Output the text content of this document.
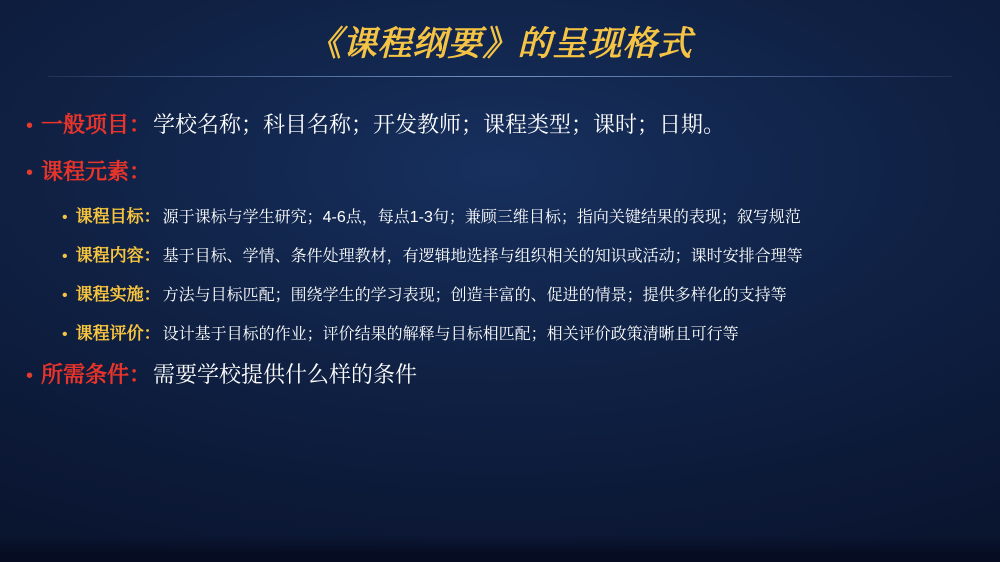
《课程纲要》的呈现格式
• 一般项目： 学校名称；科目名称；开发教师；课程类型；课时；日期。
• 课程元素：
• 课程目标： 源于课标与学生研究；4-6点，每点1-3句；兼顾三维目标；指向关键结果的表现；叙写规范
• 课程内容： 基于目标、学情、条件处理教材，有逻辑地选择与组织相关的知识或活动；课时安排合理等
• 课程实施： 方法与目标匹配；围绕学生的学习表现；创造丰富的、促进的情景；提供多样化的支持等
• 课程评价： 设计基于目标的作业；评价结果的解释与目标相匹配；相关评价政策清晰且可行等
• 所需条件： 需要学校提供什么样的条件
